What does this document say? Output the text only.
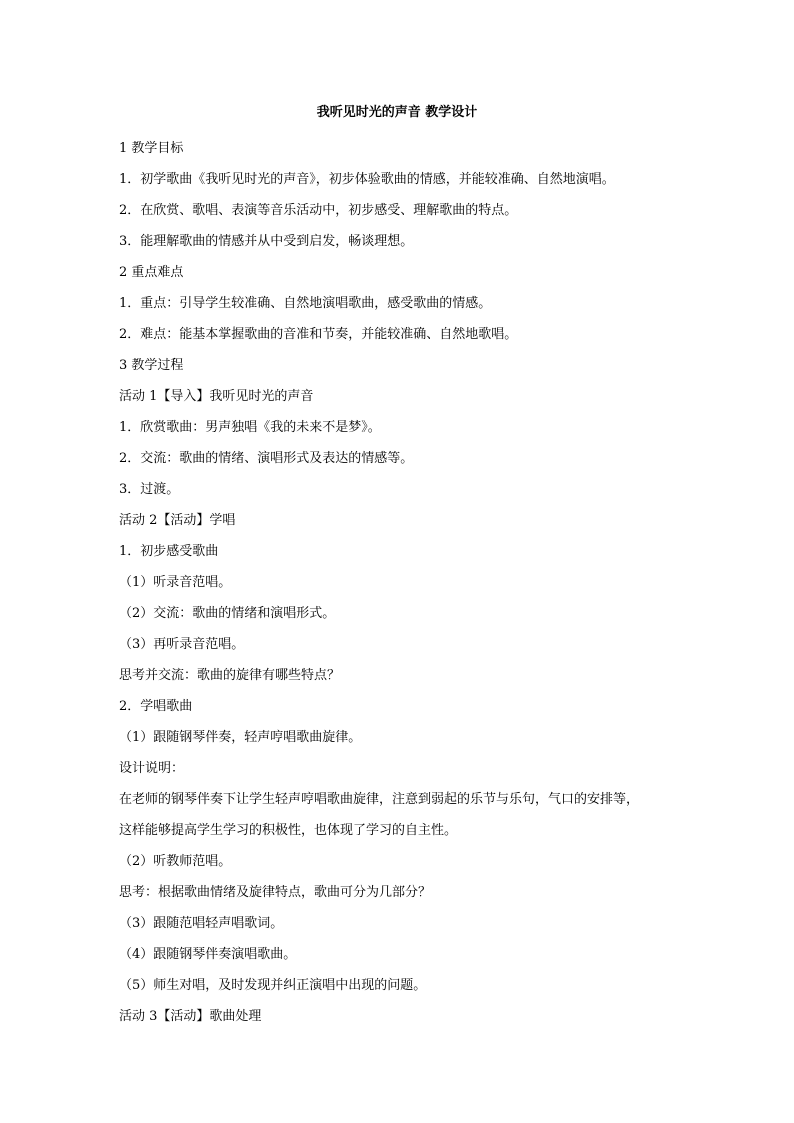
我听见时光的声音 教学设计
1 教学目标
1．初学歌曲《我听见时光的声音》，初步体验歌曲的情感，并能较准确、自然地演唱。
2．在欣赏、歌唱、表演等音乐活动中，初步感受、理解歌曲的特点。
3．能理解歌曲的情感并从中受到启发，畅谈理想。
2 重点难点
1．重点：引导学生较准确、自然地演唱歌曲，感受歌曲的情感。
2．难点：能基本掌握歌曲的音准和节奏，并能较准确、自然地歌唱。
3 教学过程
活动 1【导入】我听见时光的声音
1．欣赏歌曲：男声独唱《我的未来不是梦》。
2．交流：歌曲的情绪、演唱形式及表达的情感等。
3．过渡。
活动 2【活动】学唱
1．初步感受歌曲
（1）听录音范唱。
（2）交流：歌曲的情绪和演唱形式。
（3）再听录音范唱。
思考并交流：歌曲的旋律有哪些特点？
2．学唱歌曲
（1）跟随钢琴伴奏，轻声哼唱歌曲旋律。
设计说明：
在老师的钢琴伴奏下让学生轻声哼唱歌曲旋律，注意到弱起的乐节与乐句，气口的安排等，
这样能够提高学生学习的积极性，也体现了学习的自主性。
（2）听教师范唱。
思考：根据歌曲情绪及旋律特点，歌曲可分为几部分？
（3）跟随范唱轻声唱歌词。
（4）跟随钢琴伴奏演唱歌曲。
（5）师生对唱，及时发现并纠正演唱中出现的问题。
活动 3【活动】歌曲处理
